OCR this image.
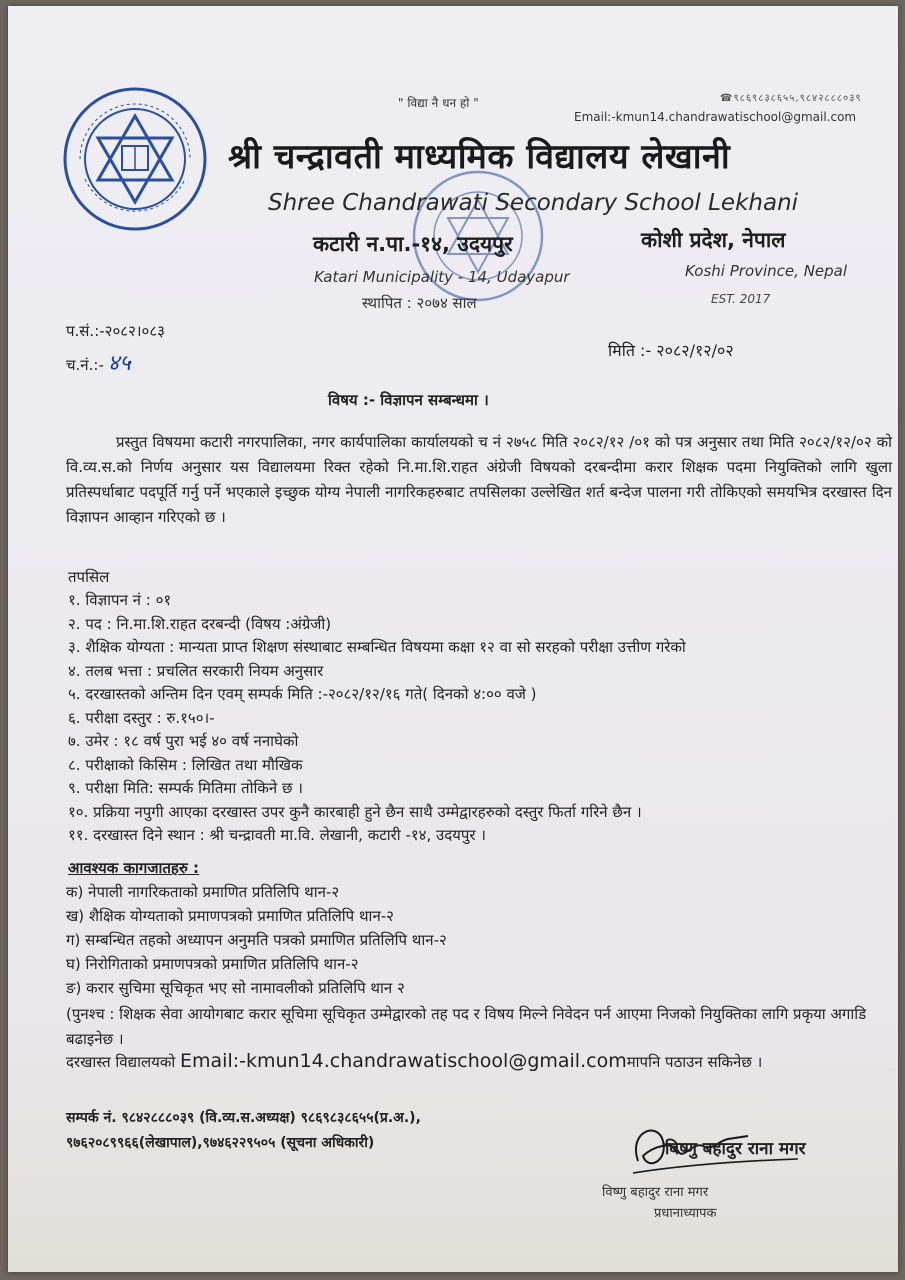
" विद्या नै धन हो "	☎९८६९८३८६५५,९८४२८८८०३९
Email:-kmun14.chandrawatischool@gmail.com
श्री चन्द्रावती माध्यमिक विद्यालय लेखानी
Shree Chandrawati Secondary School Lekhani
कटारी न.पा.-१४, उदयपुर	कोशी प्रदेश, नेपाल
Katari Municipality - 14, Udayapur	Koshi Province, Nepal
स्थापित : २०७४ साल	EST. 2017
प.सं.:-२०८२।०८३
च.नं.:- ४५
मिति :- २०८२/१२/०२
विषय :- विज्ञापन सम्बन्धमा ।
प्रस्तुत विषयमा कटारी नगरपालिका, नगर कार्यपालिका कार्यालयको च नं २७५८ मिति २०८२/१२ /०१ को पत्र अनुसार तथा मिति २०८२/१२/०२ को वि.व्य.स.को निर्णय अनुसार यस विद्यालयमा रिक्त रहेको नि.मा.शि.राहत अंग्रेजी विषयको दरबन्दीमा करार शिक्षक पदमा नियुक्तिको लागि खुला प्रतिस्पर्धाबाट पदपूर्ति गर्नु पर्ने भएकाले इच्छुक योग्य नेपाली नागरिकहरुबाट तपसिलका उल्लेखित शर्त बन्देज पालना गरी तोकिएको समयभित्र दरखास्त दिन विज्ञापन आव्हान गरिएको छ ।
तपसिल
१. विज्ञापन नं : ०१
२. पद : नि.मा.शि.राहत दरबन्दी (विषय :अंग्रेजी)
३. शैक्षिक योग्यता : मान्यता प्राप्त शिक्षण संस्थाबाट सम्बन्धित विषयमा कक्षा १२ वा सो सरहको परीक्षा उत्तीण गरेको
४. तलब भत्ता : प्रचलित सरकारी नियम अनुसार
५. दरखास्तको अन्तिम दिन एवम् सम्पर्क मिति :-२०८२/१२/१६ गते( दिनको ४:०० वजे )
६. परीक्षा दस्तुर : रु.१५०।-
७. उमेर : १८ वर्ष पुरा भई ४० वर्ष ननाघेको
८. परीक्षाको किसिम : लिखित तथा मौखिक
९. परीक्षा मिति: सम्पर्क मितिमा तोकिने छ ।
१०. प्रक्रिया नपुगी आएका दरखास्त उपर कुनै कारबाही हुने छैन साथै उम्मेद्वारहरुको दस्तुर फिर्ता गरिने छैन ।
११. दरखास्त दिने स्थान : श्री चन्द्रावती मा.वि. लेखानी, कटारी -१४, उदयपुर ।
आवश्यक कागजातहरु :
क) नेपाली नागरिकताको प्रमाणित प्रतिलिपि थान-२
ख) शैक्षिक योग्यताको प्रमाणपत्रको प्रमाणित प्रतिलिपि थान-२
ग) सम्बन्धित तहको अध्यापन अनुमति पत्रको प्रमाणित प्रतिलिपि थान-२
घ) निरोगिताको प्रमाणपत्रको प्रमाणित प्रतिलिपि थान-२
ङ) करार सुचिमा सूचिकृत भए सो नामावलीको प्रतिलिपि थान २
(पुनश्च : शिक्षक सेवा आयोगबाट करार सूचिमा सूचिकृत उम्मेद्वारको तह पद र विषय मिल्ने निवेदन पर्न आएमा निजको नियुक्तिका लागि प्रकृया अगाडि बढाइनेछ ।
दरखास्त विद्यालयको Email:-kmun14.chandrawatischool@gmail.comमापनि पठाउन सकिनेछ ।
सम्पर्क नं. ९८४२८८८०३९ (वि.व्य.स.अध्यक्ष) ९८६९८३८६५५(प्र.अ.),
९७६२०८९९६६(लेखापाल),९७४६२२९५०५ (सूचना अधिकारी)	बिष्णु बहादुर राना मगर
विष्णु बहादुर राना मगर
प्रधानाध्यापक
